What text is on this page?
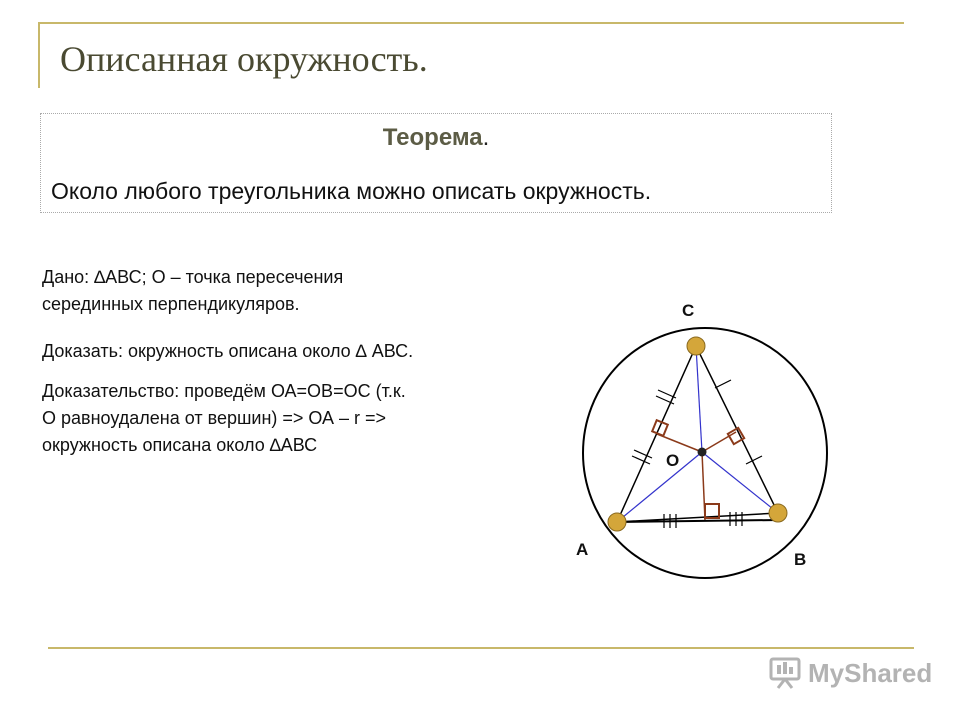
Описанная окружность.
Теорема.
Около любого треугольника можно описать окружность.
Дано: ∆АВС; О – точка пересечения
серединных перпендикуляров.
Доказать: окружность описана около ∆ АВС.
Доказательство: проведём ОА=ОВ=ОС (т.к.
О равноудалена от вершин) => ОА – r =>
окружность описана около ∆АВС
А
В
С
О
MyShared
